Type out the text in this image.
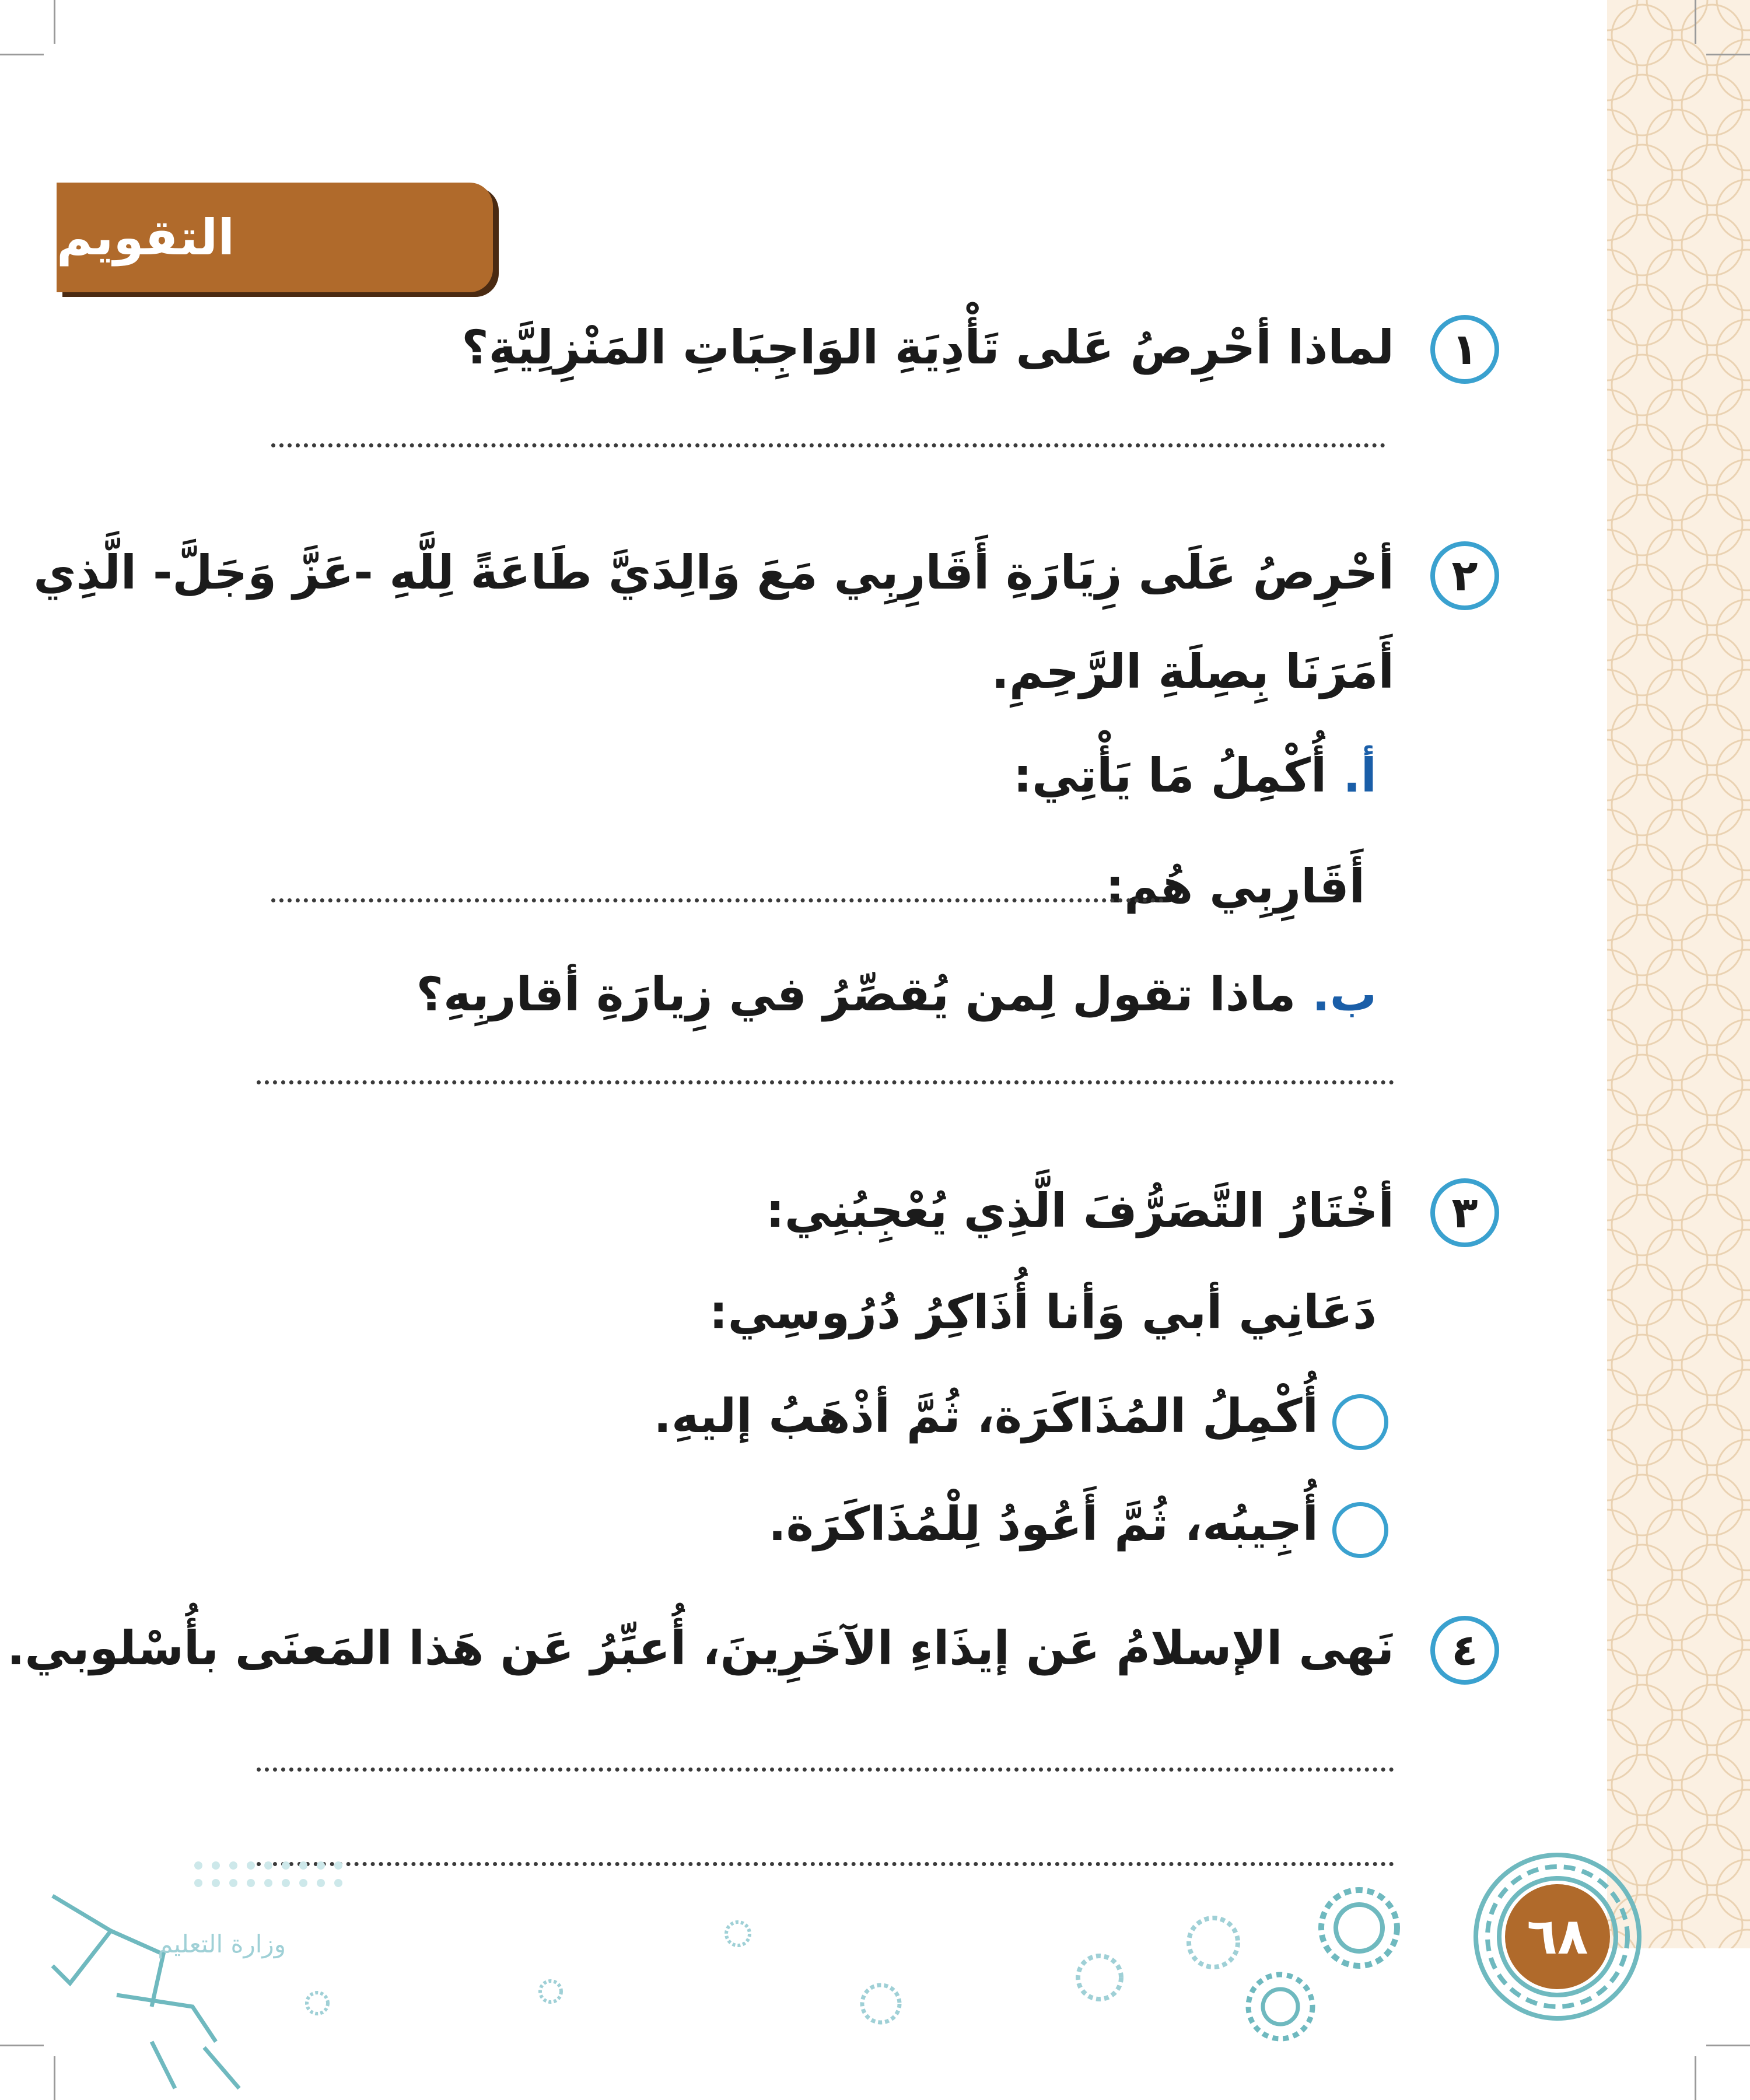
التقويم
١
لماذا أحْرِصُ عَلى تَأْدِيَةِ الوَاجِبَاتِ المَنْزِلِيَّةِ؟
٢
أحْرِصُ عَلَى زِيَارَةِ أَقَارِبِي مَعَ وَالِدَيَّ طَاعَةً لِلَّهِ -عَزَّ وَجَلَّ- الَّذِي
أَمَرَنَا بِصِلَةِ الرَّحِمِ.
أ. أُكْمِلُ مَا يَأْتِي:
أَقَارِبِي هُم:
ب. ماذا تقول لِمن يُقصِّرُ في زِيارَةِ أقاربِهِ؟
٣
أخْتَارُ التَّصَرُّفَ الَّذِي يُعْجِبُنِي:
دَعَانِي أبي وَأنا أُذَاكِرُ دُرُوسِي:
أُكْمِلُ المُذَاكَرَة، ثُمَّ أذْهَبُ إليهِ.
أُجِيبُه، ثُمَّ أَعُودُ لِلْمُذَاكَرَة.
٤
نَهى الإسلامُ عَن إيذَاءِ الآخَرِينَ، أُعبِّرُ عَن هَذا المَعنَى بأُسْلوبي.
٦٨
وزارة التعليم
